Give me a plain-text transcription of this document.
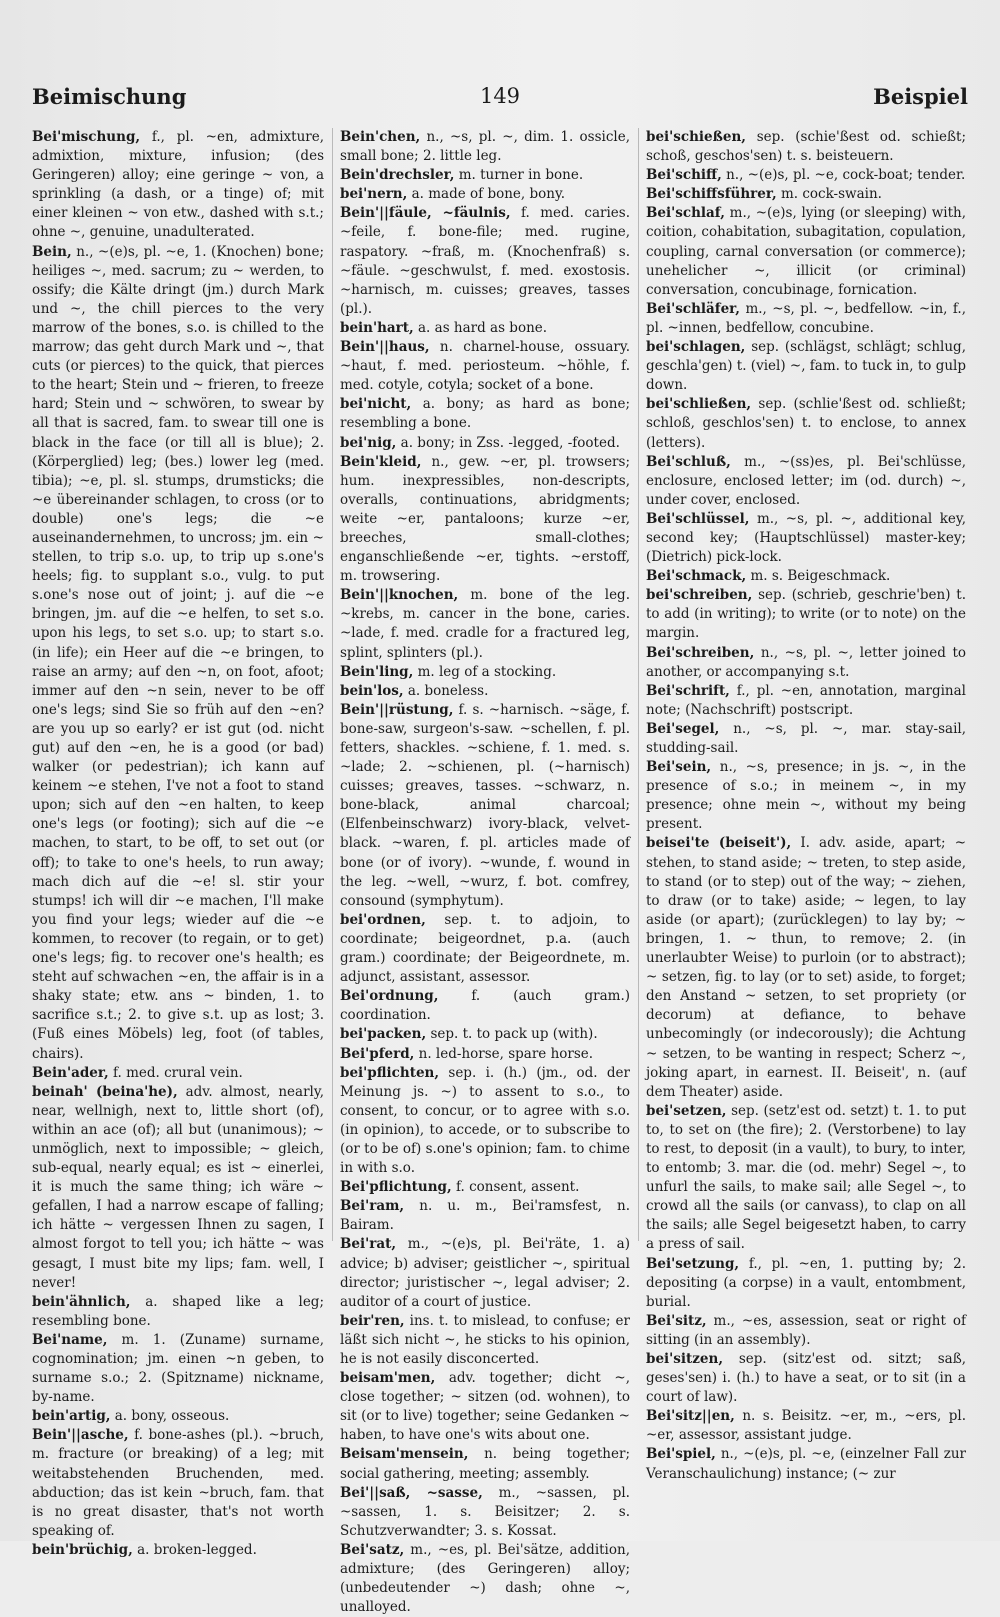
Beimischung	149	Beispiel

Bei'mischung, f., pl. ~en, admixture, admixtion, mixture, infusion; (des Geringeren) alloy; eine geringe ~ von, a sprinkling (a dash, or a tinge) of; mit einer kleinen ~ von etw., dashed with s.t.; ohne ~, genuine, unadulterated.

Bein, n., ~(e)s, pl. ~e, 1. (Knochen) bone; heiliges ~, med. sacrum; zu ~ werden, to ossify; die Kälte dringt (jm.) durch Mark und ~, the chill pierces to the very marrow of the bones, s.o. is chilled to the marrow; das geht durch Mark und ~, that cuts (or pierces) to the quick, that pierces to the heart; Stein und ~ frieren, to freeze hard; Stein und ~ schwören, to swear by all that is sacred, fam. to swear till one is black in the face (or till all is blue); 2. (Körperglied) leg; (bes.) lower leg (med. tibia); ~e, pl. sl. stumps, drumsticks; die ~e übereinander schlagen, to cross (or to double) one's legs; die ~e auseinandernehmen, to uncross; jm. ein ~ stellen, to trip s.o. up, to trip up s.one's heels; fig. to supplant s.o., vulg. to put s.one's nose out of joint; j. auf die ~e bringen, jm. auf die ~e helfen, to set s.o. upon his legs, to set s.o. up; to start s.o. (in life); ein Heer auf die ~e bringen, to raise an army; auf den ~n, on foot, afoot; immer auf den ~n sein, never to be off one's legs; sind Sie so früh auf den ~en? are you up so early? er ist gut (od. nicht gut) auf den ~en, he is a good (or bad) walker (or pedestrian); ich kann auf keinem ~e stehen, I've not a foot to stand upon; sich auf den ~en halten, to keep one's legs (or footing); sich auf die ~e machen, to start, to be off, to set out (or off); to take to one's heels, to run away; mach dich auf die ~e! sl. stir your stumps! ich will dir ~e machen, I'll make you find your legs; wieder auf die ~e kommen, to recover (to regain, or to get) one's legs; fig. to recover one's health; es steht auf schwachen ~en, the affair is in a shaky state; etw. ans ~ binden, 1. to sacrifice s.t.; 2. to give s.t. up as lost; 3. (Fuß eines Möbels) leg, foot (of tables, chairs).

Bein'ader, f. med. crural vein.

beinah' (beina'he), adv. almost, nearly, near, wellnigh, next to, little short (of), within an ace (of); all but (unanimous); ~ unmöglich, next to impossible; ~ gleich, sub-equal, nearly equal; es ist ~ einerlei, it is much the same thing; ich wäre ~ gefallen, I had a narrow escape of falling; ich hätte ~ vergessen Ihnen zu sagen, I almost forgot to tell you; ich hätte ~ was gesagt, I must bite my lips; fam. well, I never!

bein'ähnlich, a. shaped like a leg; resembling bone.

Bei'name, m. 1. (Zuname) surname, cognomination; jm. einen ~n geben, to surname s.o.; 2. (Spitzname) nickname, by-name.

bein'artig, a. bony, osseous.

Bein'||asche, f. bone-ashes (pl.). ~bruch, m. fracture (or breaking) of a leg; mit weitabstehenden Bruchenden, med. abduction; das ist kein ~bruch, fam. that is no great disaster, that's not worth speaking of.

bein'brüchig, a. broken-legged.

Bein'chen, n., ~s, pl. ~, dim. 1. ossicle, small bone; 2. little leg.

Bein'drechsler, m. turner in bone.

bei'nern, a. made of bone, bony.

Bein'||fäule, ~fäulnis, f. med. caries. ~feile, f. bone-file; med. rugine, raspatory. ~fraß, m. (Knochenfraß) s. ~fäule. ~geschwulst, f. med. exostosis. ~harnisch, m. cuisses; greaves, tasses (pl.).

bein'hart, a. as hard as bone.

Bein'||haus, n. charnel-house, ossuary. ~haut, f. med. periosteum. ~höhle, f. med. cotyle, cotyla; socket of a bone.

bei'nicht, a. bony; as hard as bone; resembling a bone.

bei'nig, a. bony; in Zss. -legged, -footed.

Bein'kleid, n., gew. ~er, pl. trowsers; hum. inexpressibles, non-descripts, overalls, continuations, abridgments; weite ~er, pantaloons; kurze ~er, breeches, small-clothes; enganschließende ~er, tights. ~erstoff, m. trowsering.

Bein'||knochen, m. bone of the leg. ~krebs, m. cancer in the bone, caries. ~lade, f. med. cradle for a fractured leg, splint, splinters (pl.).

Bein'ling, m. leg of a stocking.

bein'los, a. boneless.

Bein'||rüstung, f. s. ~harnisch. ~säge, f. bone-saw, surgeon's-saw. ~schellen, f. pl. fetters, shackles. ~schiene, f. 1. med. s. ~lade; 2. ~schienen, pl. (~harnisch) cuisses; greaves, tasses. ~schwarz, n. bone-black, animal charcoal; (Elfenbeinschwarz) ivory-black, velvet-black. ~waren, f. pl. articles made of bone (or of ivory). ~wunde, f. wound in the leg. ~well, ~wurz, f. bot. comfrey, consound (symphytum).

bei'ordnen, sep. t. to adjoin, to coordinate; beigeordnet, p.a. (auch gram.) coordinate; der Beigeordnete, m. adjunct, assistant, assessor.

Bei'ordnung, f. (auch gram.) coordination.

bei'packen, sep. t. to pack up (with).

Bei'pferd, n. led-horse, spare horse.

bei'pflichten, sep. i. (h.) (jm., od. der Meinung js. ~) to assent to s.o., to consent, to concur, or to agree with s.o. (in opinion), to accede, or to subscribe to (or to be of) s.one's opinion; fam. to chime in with s.o.

Bei'pflichtung, f. consent, assent.

Bei'ram, n. u. m., Bei'ramsfest, n. Bairam.

Bei'rat, m., ~(e)s, pl. Bei'räte, 1. a) advice; b) adviser; geistlicher ~, spiritual director; juristischer ~, legal adviser; 2. auditor of a court of justice.

beir'ren, ins. t. to mislead, to confuse; er läßt sich nicht ~, he sticks to his opinion, he is not easily disconcerted.

beisam'men, adv. together; dicht ~, close together; ~ sitzen (od. wohnen), to sit (or to live) together; seine Gedanken ~ haben, to have one's wits about one.

Beisam'mensein, n. being together; social gathering, meeting; assembly.

Bei'||saß, ~sasse, m., ~sassen, pl. ~sassen, 1. s. Beisitzer; 2. s. Schutzverwandter; 3. s. Kossat.

Bei'satz, m., ~es, pl. Bei'sätze, addition, admixture; (des Geringeren) alloy; (unbedeutender ~) dash; ohne ~, unalloyed.

bei'schießen, sep. (schie'ßest od. schießt; schoß, geschos'sen) t. s. beisteuern.

Bei'schiff, n., ~(e)s, pl. ~e, cock-boat; tender.

Bei'schiffsführer, m. cock-swain.

Bei'schlaf, m., ~(e)s, lying (or sleeping) with, coition, cohabitation, subagitation, copulation, coupling, carnal conversation (or commerce); unehelicher ~, illicit (or criminal) conversation, concubinage, fornication.

Bei'schläfer, m., ~s, pl. ~, bedfellow. ~in, f., pl. ~innen, bedfellow, concubine.

bei'schlagen, sep. (schlägst, schlägt; schlug, geschla'gen) t. (viel) ~, fam. to tuck in, to gulp down.

bei'schließen, sep. (schlie'ßest od. schließt; schloß, geschlos'sen) t. to enclose, to annex (letters).

Bei'schluß, m., ~(ss)es, pl. Bei'schlüsse, enclosure, enclosed letter; im (od. durch) ~, under cover, enclosed.

Bei'schlüssel, m., ~s, pl. ~, additional key, second key; (Hauptschlüssel) master-key; (Dietrich) pick-lock.

Bei'schmack, m. s. Beigeschmack.

bei'schreiben, sep. (schrieb, geschrie'ben) t. to add (in writing); to write (or to note) on the margin.

Bei'schreiben, n., ~s, pl. ~, letter joined to another, or accompanying s.t.

Bei'schrift, f., pl. ~en, annotation, marginal note; (Nachschrift) postscript.

Bei'segel, n., ~s, pl. ~, mar. stay-sail, studding-sail.

Bei'sein, n., ~s, presence; in js. ~, in the presence of s.o.; in meinem ~, in my presence; ohne mein ~, without my being present.

beisei'te (beiseit'), I. adv. aside, apart; ~ stehen, to stand aside; ~ treten, to step aside, to stand (or to step) out of the way; ~ ziehen, to draw (or to take) aside; ~ legen, to lay aside (or apart); (zurücklegen) to lay by; ~ bringen, 1. ~ thun, to remove; 2. (in unerlaubter Weise) to purloin (or to abstract); ~ setzen, fig. to lay (or to set) aside, to forget; den Anstand ~ setzen, to set propriety (or decorum) at defiance, to behave unbecomingly (or indecorously); die Achtung ~ setzen, to be wanting in respect; Scherz ~, joking apart, in earnest. II. Beiseit', n. (auf dem Theater) aside.

bei'setzen, sep. (setz'est od. setzt) t. 1. to put to, to set on (the fire); 2. (Verstorbene) to lay to rest, to deposit (in a vault), to bury, to inter, to entomb; 3. mar. die (od. mehr) Segel ~, to unfurl the sails, to make sail; alle Segel ~, to crowd all the sails (or canvass), to clap on all the sails; alle Segel beigesetzt haben, to carry a press of sail.

Bei'setzung, f., pl. ~en, 1. putting by; 2. depositing (a corpse) in a vault, entombment, burial.

Bei'sitz, m., ~es, assession, seat or right of sitting (in an assembly).

bei'sitzen, sep. (sitz'est od. sitzt; saß, geses'sen) i. (h.) to have a seat, or to sit (in a court of law).

Bei'sitz||en, n. s. Beisitz. ~er, m., ~ers, pl. ~er, assessor, assistant judge.

Bei'spiel, n., ~(e)s, pl. ~e, (einzelner Fall zur Veranschaulichung) instance; (~ zur
